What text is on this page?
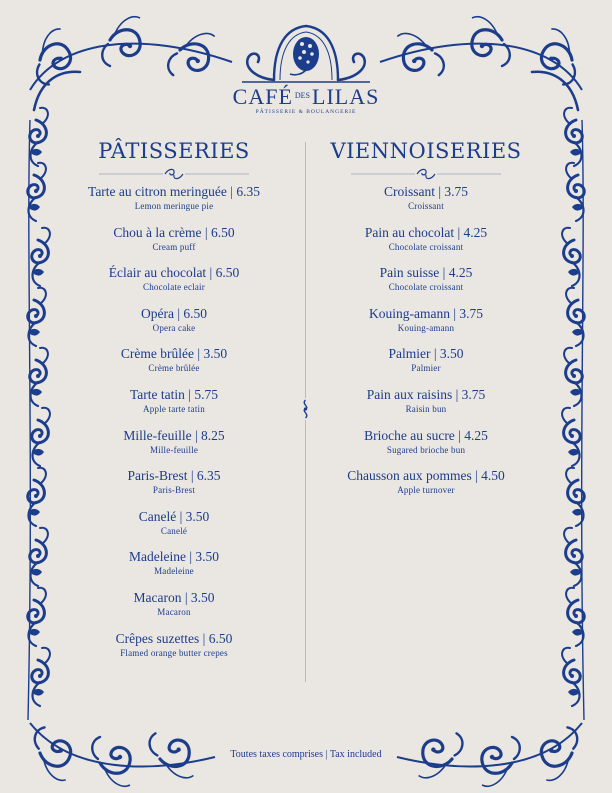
CAFÉ $^{DES}$LILAS
PÂTISSERIE & BOULANGERIE
PÂTISSERIES
Tarte au citron meringuée | 6.35
Lemon meringue pie
Chou à la crème | 6.50
Cream puff
Éclair au chocolat | 6.50
Chocolate eclair
Opéra | 6.50
Opera cake
Crème brûlée | 3.50
Crème brûlée
Tarte tatin | 5.75
Apple tarte tatin
Mille-feuille | 8.25
Mille-feuille
Paris-Brest | 6.35
Paris-Brest
Canelé | 3.50
Canelé
Madeleine | 3.50
Madeleine
Macaron | 3.50
Macaron
Crêpes suzettes | 6.50
Flamed orange butter crepes
VIENNOISERIES
Croissant | 3.75
Croissant
Pain au chocolat | 4.25
Chocolate croissant
Pain suisse | 4.25
Chocolate croissant
Kouing-amann | 3.75
Kouing-amann
Palmier | 3.50
Palmier
Pain aux raisins | 3.75
Raisin bun
Brioche au sucre | 4.25
Sugared brioche bun
Chausson aux pommes | 4.50
Apple turnover
Toutes taxes comprises | Tax included
